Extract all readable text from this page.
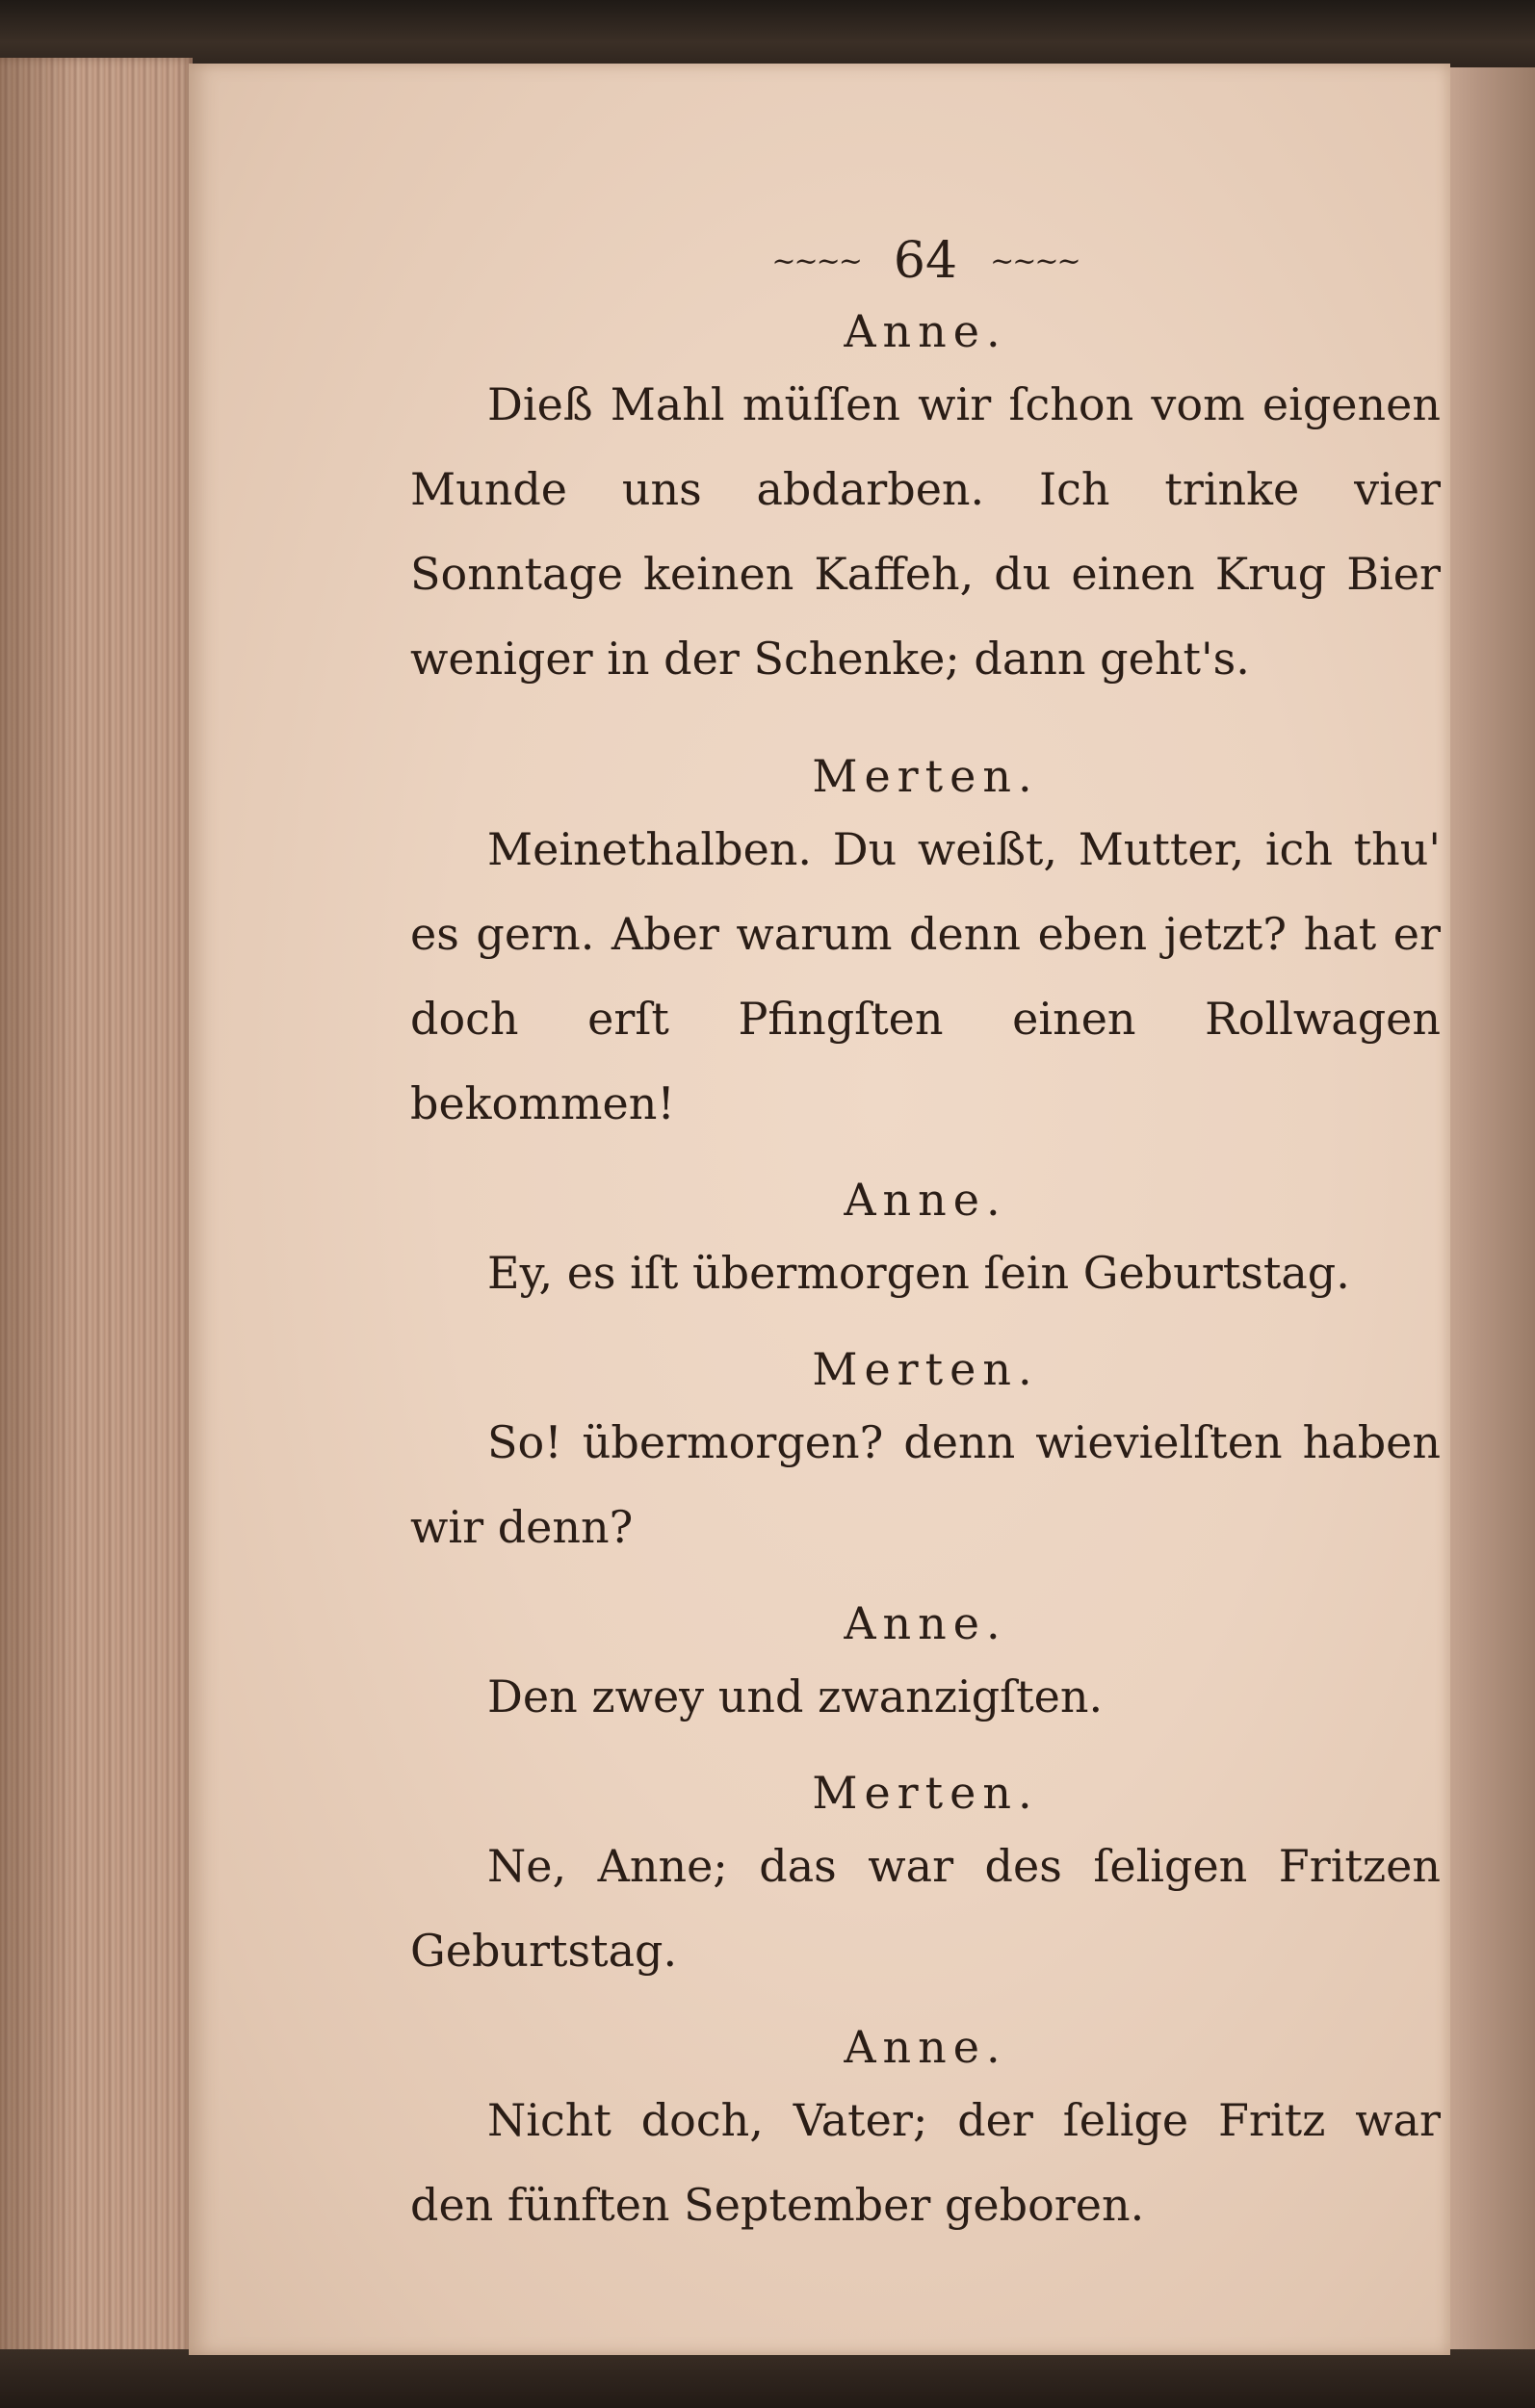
~~~~ 64 ~~~~
Anne.

Dieß Mahl müſſen wir ſchon vom eigenen Munde uns abdarben. Ich trinke vier Sonntage keinen Kaffeh, du einen Krug Bier weniger in der Schenke; dann geht's.

Merten.

Meinethalben. Du weißt, Mutter, ich thu' es gern. Aber warum denn eben jetzt? hat er doch erſt Pfingſten einen Rollwagen bekommen!

Anne.

Ey, es iſt übermorgen ſein Geburtstag.

Merten.

So! übermorgen? denn wievielſten haben wir denn?

Anne.

Den zwey und zwanzigſten.

Merten.

Ne, Anne; das war des ſeligen Fritzen Geburtstag.

Anne.

Nicht doch, Vater; der ſelige Fritz war den fünften September geboren.
